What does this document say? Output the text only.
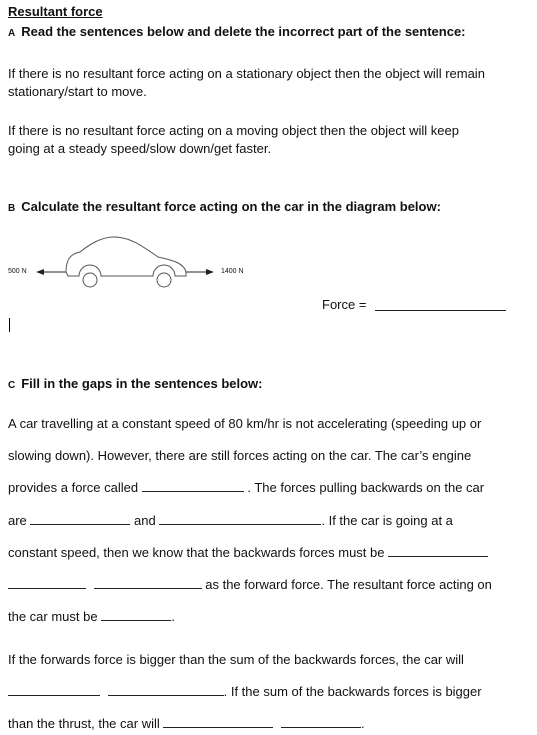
Resultant force
A Read the sentences below and delete the incorrect part of the sentence:
If there is no resultant force acting on a stationary object then the object will remain
stationary/start to move.
If there is no resultant force acting on a moving object then the object will keep
going at a steady speed/slow down/get faster.
B Calculate the resultant force acting on the car in the diagram below:
500 N	1400 N
Force =
C Fill in the gaps in the sentences below:
A car travelling at a constant speed of 80 km/hr is not accelerating (speeding up or
slowing down). However, there are still forces acting on the car. The car’s engine
provides a force called	. The forces pulling backwards on the car
are	and	. If the car is going at a
constant speed, then we know that the backwards forces must be
as the forward force. The resultant force acting on
the car must be	.
If the forwards force is bigger than the sum of the backwards forces, the car will
. If the sum of the backwards forces is bigger
than the thrust, the car will	.
